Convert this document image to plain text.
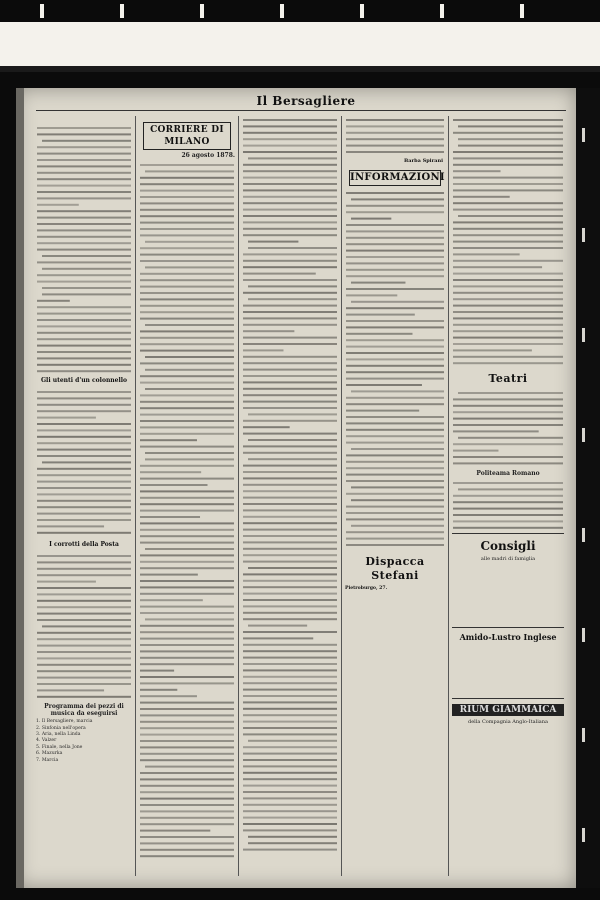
Il Bersagliere

Gli utenti d'un colonnello
I corrotti della Posta
Programma dei pezzi di musica da eseguirsi
1. Il Bersagliere, marcia
2. Sinfonia nell'opera
3. Aria, nella Linda
4. Valzer
5. Finale, nella Jone
6. Mazurka
7. Marcia
CORRIERE DI MILANO
26 agosto 1878.
Barba Spirani
INFORMAZIONI
Dispacca Stefani
Pietroburgo, 27.
Teatri
Politeama Romano
Consigli
alle madri di famiglia
Amido-Lustro Inglese
RIUM GIAMMAICA
della Compagnia Anglo-Italiana
